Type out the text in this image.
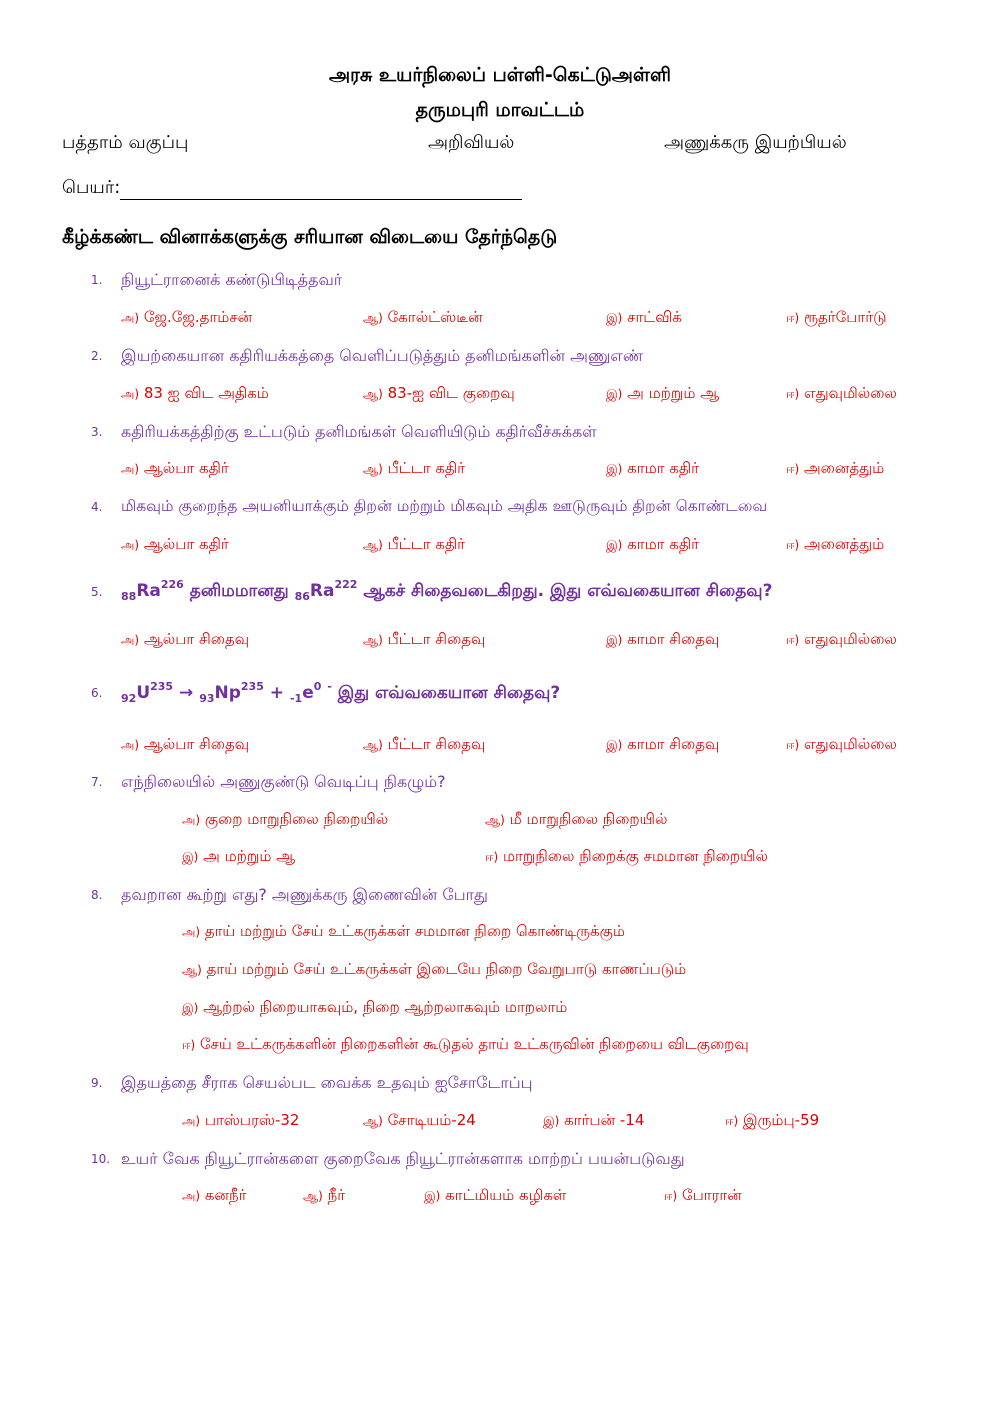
அரசு உயர்நிலைப் பள்ளி-கெட்டுஅள்ளி
தருமபுரி மாவட்டம்
பத்தாம் வகுப்பு	அறிவியல்	அணுக்கரு இயற்பியல்
பெயர்:
கீழ்க்கண்ட வினாக்களுக்கு சரியான விடையை தேர்ந்தெடு
1. நியூட்ரானைக் கண்டுபிடித்தவர்
அ) ஜே.ஜே.தாம்சன்	ஆ) கோல்ட்ஸ்டீன்	இ) சாட்விக்	ஈ) ரூதர்போர்டு
2. இயற்கையான கதிரியக்கத்தை வெளிப்படுத்தும் தனிமங்களின் அணுஎண்
அ) 83 ஐ விட அதிகம்	ஆ) 83-ஐ விட குறைவு	இ) அ மற்றும் ஆ	ஈ) எதுவுமில்லை
3. கதிரியக்கத்திற்கு உட்படும் தனிமங்கள் வெளியிடும் கதிர்வீச்சுக்கள்
அ) ஆல்பா கதிர்	ஆ) பீட்டா கதிர்	இ) காமா கதிர்	ஈ) அனைத்தும்
4. மிகவும் குறைந்த அயனியாக்கும் திறன் மற்றும் மிகவும் அதிக ஊடுருவும் திறன் கொண்டவை
அ) ஆல்பா கதிர்	ஆ) பீட்டா கதிர்	இ) காமா கதிர்	ஈ) அனைத்தும்
5. $_{88}Ra^{226}$ தனிமமானது $_{86}Ra^{222}$ ஆகச் சிதைவடைகிறது. இது எவ்வகையான சிதைவு?
அ) ஆல்பா சிதைவு	ஆ) பீட்டா சிதைவு	இ) காமா சிதைவு	ஈ) எதுவுமில்லை
6. $_{92}U^{235} \to _{93}Np^{235} + _{-1}e^0$ - இது எவ்வகையான சிதைவு?
அ) ஆல்பா சிதைவு	ஆ) பீட்டா சிதைவு	இ) காமா சிதைவு	ஈ) எதுவுமில்லை
7. எந்நிலையில் அணுகுண்டு வெடிப்பு நிகழும்?
அ) குறை மாறுநிலை நிறையில்	ஆ) மீ மாறுநிலை நிறையில்
இ) அ மற்றும் ஆ	ஈ) மாறுநிலை நிறைக்கு சமமான நிறையில்
8. தவறான கூற்று எது? அணுக்கரு இணைவின் போது
அ) தாய் மற்றும் சேய் உட்கருக்கள் சமமான நிறை கொண்டிருக்கும்
ஆ) தாய் மற்றும் சேய் உட்கருக்கள் இடையே நிறை வேறுபாடு காணப்படும்
இ) ஆற்றல் நிறையாகவும், நிறை ஆற்றலாகவும் மாறலாம்
ஈ) சேய் உட்கருக்களின் நிறைகளின் கூடுதல் தாய் உட்கருவின் நிறையை விடகுறைவு
9. இதயத்தை சீராக செயல்பட வைக்க உதவும் ஐசோடோப்பு
அ) பாஸ்பரஸ்-32	ஆ) சோடியம்-24	இ) கார்பன் -14	ஈ) இரும்பு-59
10. உயர் வேக நியூட்ரான்களை குறைவேக நியூட்ரான்களாக மாற்றப் பயன்படுவது
அ) கனநீர்	ஆ) நீர்	இ) காட்மியம் கழிகள்	ஈ) போரான்
